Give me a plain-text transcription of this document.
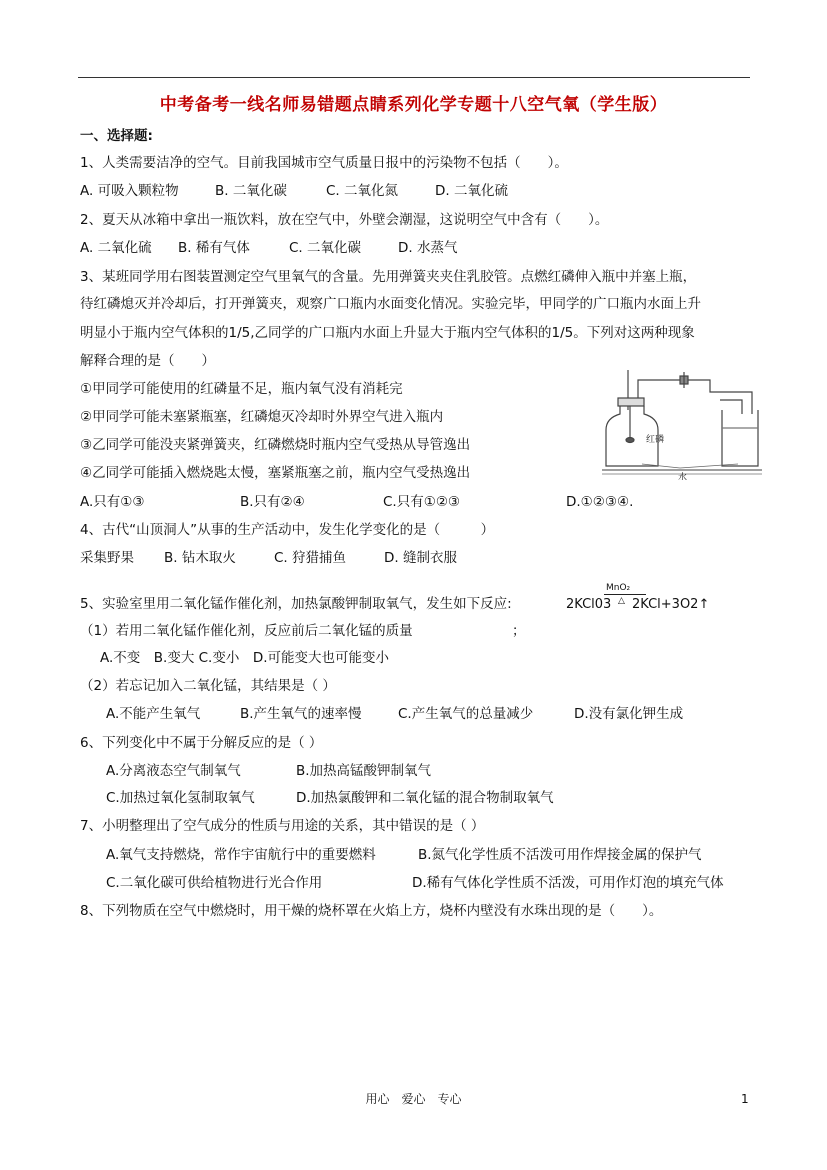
中考备考一线名师易错题点睛系列化学专题十八空气氧（学生版）
一、选择题:
1、人类需要洁净的空气。目前我国城市空气质量日报中的污染物不包括（　　）。
A. 可吸入颗粒物	B. 二氧化碳	C. 二氧化氮	D. 二氧化硫
2、夏天从冰箱中拿出一瓶饮料，放在空气中，外壁会潮湿，这说明空气中含有（　　）。
A. 二氧化硫 B. 稀有气体	C. 二氧化碳	D. 水蒸气
3、某班同学用右图装置测定空气里氧气的含量。先用弹簧夹夹住乳胶管。点燃红磷伸入瓶中并塞上瓶，
待红磷熄灭并冷却后，打开弹簧夹，观察广口瓶内水面变化情况。实验完毕，甲同学的广口瓶内水面上升
明显小于瓶内空气体积的1/5,乙同学的广口瓶内水面上升显大于瓶内空气体积的1/5。下列对这两种现象
解释合理的是（　　）
①甲同学可能使用的红磷量不足，瓶内氧气没有消耗完
②甲同学可能未塞紧瓶塞，红磷熄灭冷却时外界空气进入瓶内
③乙同学可能没夹紧弹簧夹，红磷燃烧时瓶内空气受热从导管逸出
④乙同学可能插入燃烧匙太慢，塞紧瓶塞之前，瓶内空气受热逸出
A.只有①③	B.只有②④	C.只有①②③	D.①②③④.
红磷
水
4、古代“山顶洞人”从事的生产活动中，发生化学变化的是（　　　）
采集野果 B. 钻木取火	C. 狩猎捕鱼	D. 缝制衣服
5、实验室里用二氧化锰作催化剂，加热氯酸钾制取氧气，发生如下反应:	2KCl03
MnO₂
△ 2KCl+3O2↑
（1）若用二氧化锰作催化剂，反应前后二氧化锰的质量	；
A.不变　B.变大 C.变小　D.可能变大也可能变小
（2）若忘记加入二氧化锰，其结果是（ ）
A.不能产生氧气	B.产生氧气的速率慢	C.产生氧气的总量减少	D.没有氯化钾生成
6、下列变化中不属于分解反应的是（ ）
A.分离液态空气制氧气	B.加热高锰酸钾制氧气
C.加热过氧化氢制取氧气	D.加热氯酸钾和二氧化锰的混合物制取氧气
7、小明整理出了空气成分的性质与用途的关系，其中错误的是（ ）
A.氧气支持燃烧，常作宇宙航行中的重要燃料	B.氮气化学性质不活泼可用作焊接金属的保护气
C.二氧化碳可供给植物进行光合作用	D.稀有气体化学性质不活泼，可用作灯泡的填充气体
8、下列物质在空气中燃烧时，用干燥的烧杯罩在火焰上方，烧杯内壁没有水珠出现的是（　　）。
用心　爱心　专心	1
